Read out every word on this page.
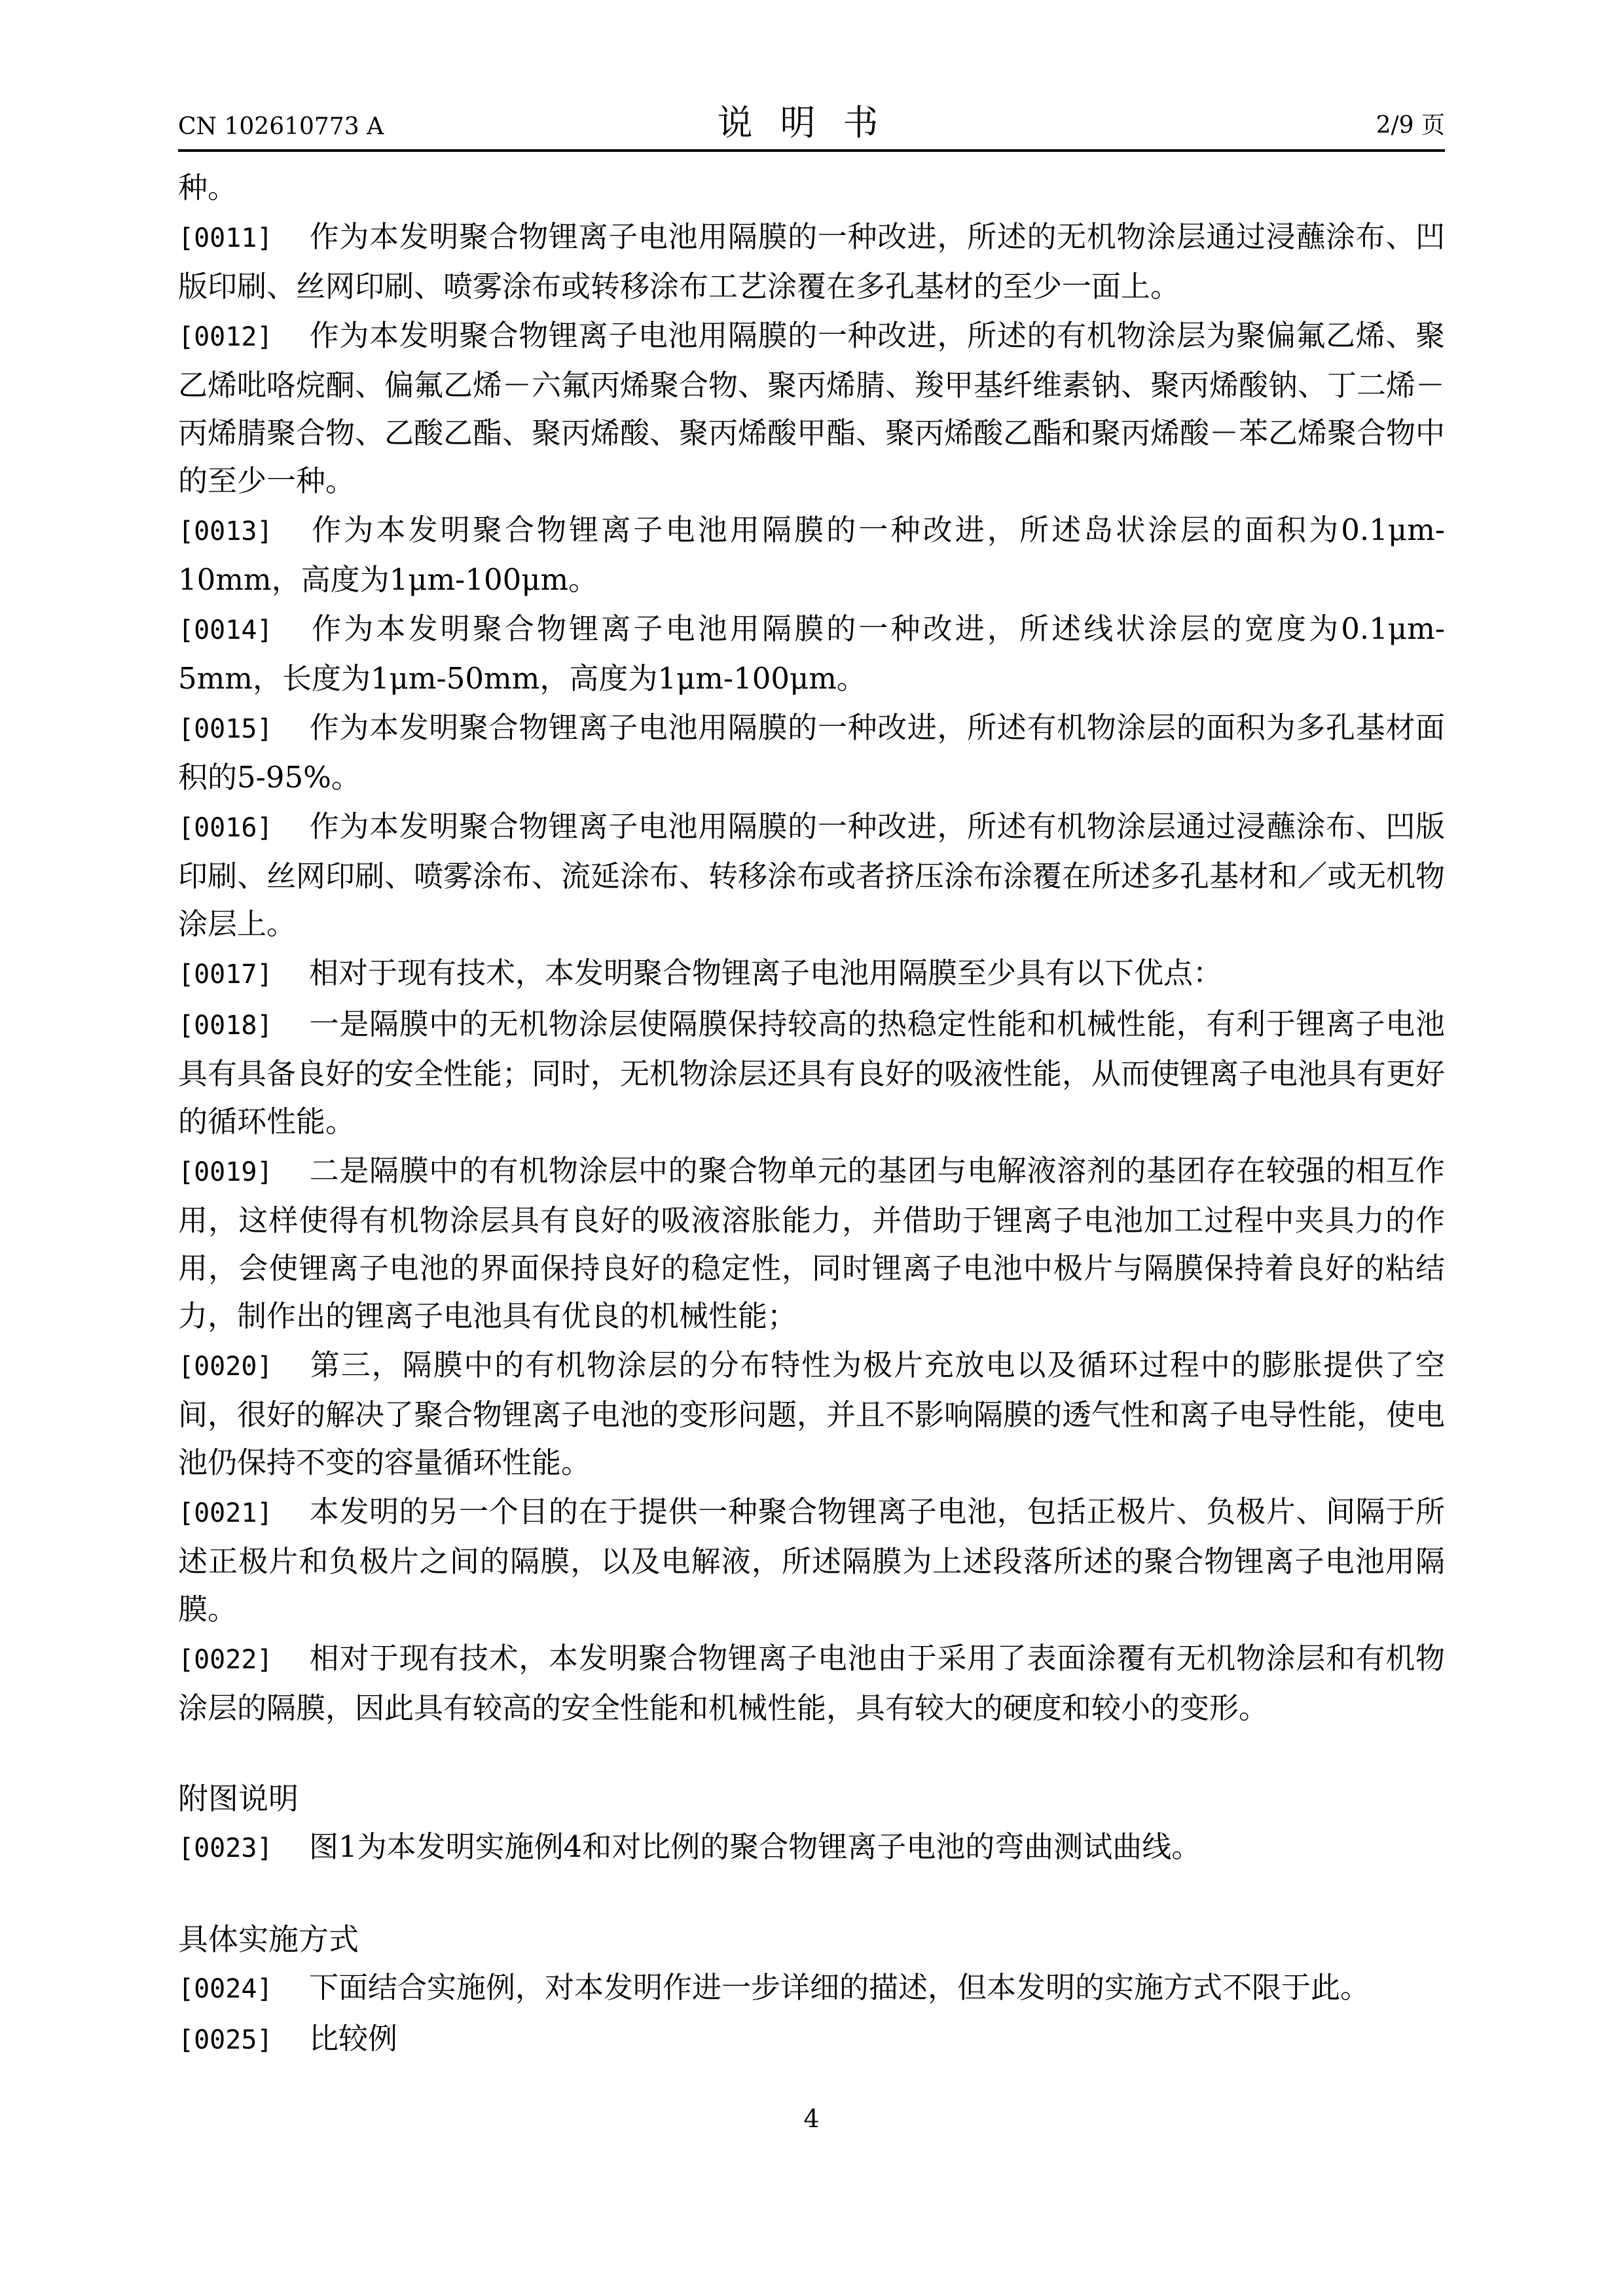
CN 102610773 A	说明书	2/9 页

种。

[0011] 作为本发明聚合物锂离子电池用隔膜的一种改进，所述的无机物涂层通过浸蘸涂布、凹版印刷、丝网印刷、喷雾涂布或转移涂布工艺涂覆在多孔基材的至少一面上。

[0012] 作为本发明聚合物锂离子电池用隔膜的一种改进，所述的有机物涂层为聚偏氟乙烯、聚乙烯吡咯烷酮、偏氟乙烯－六氟丙烯聚合物、聚丙烯腈、羧甲基纤维素钠、聚丙烯酸钠、丁二烯－丙烯腈聚合物、乙酸乙酯、聚丙烯酸、聚丙烯酸甲酯、聚丙烯酸乙酯和聚丙烯酸－苯乙烯聚合物中的至少一种。

[0013] 作为本发明聚合物锂离子电池用隔膜的一种改进，所述岛状涂层的面积为0.1μm-10mm，高度为1μm-100μm。

[0014] 作为本发明聚合物锂离子电池用隔膜的一种改进，所述线状涂层的宽度为0.1μm-5mm，长度为1μm-50mm，高度为1μm-100μm。

[0015] 作为本发明聚合物锂离子电池用隔膜的一种改进，所述有机物涂层的面积为多孔基材面积的5-95%。

[0016] 作为本发明聚合物锂离子电池用隔膜的一种改进，所述有机物涂层通过浸蘸涂布、凹版印刷、丝网印刷、喷雾涂布、流延涂布、转移涂布或者挤压涂布涂覆在所述多孔基材和／或无机物涂层上。

[0017] 相对于现有技术，本发明聚合物锂离子电池用隔膜至少具有以下优点：

[0018] 一是隔膜中的无机物涂层使隔膜保持较高的热稳定性能和机械性能，有利于锂离子电池具有具备良好的安全性能；同时，无机物涂层还具有良好的吸液性能，从而使锂离子电池具有更好的循环性能。

[0019] 二是隔膜中的有机物涂层中的聚合物单元的基团与电解液溶剂的基团存在较强的相互作用，这样使得有机物涂层具有良好的吸液溶胀能力，并借助于锂离子电池加工过程中夹具力的作用，会使锂离子电池的界面保持良好的稳定性，同时锂离子电池中极片与隔膜保持着良好的粘结力，制作出的锂离子电池具有优良的机械性能；

[0020] 第三，隔膜中的有机物涂层的分布特性为极片充放电以及循环过程中的膨胀提供了空间，很好的解决了聚合物锂离子电池的变形问题，并且不影响隔膜的透气性和离子电导性能，使电池仍保持不变的容量循环性能。

[0021] 本发明的另一个目的在于提供一种聚合物锂离子电池，包括正极片、负极片、间隔于所述正极片和负极片之间的隔膜，以及电解液，所述隔膜为上述段落所述的聚合物锂离子电池用隔膜。

[0022] 相对于现有技术，本发明聚合物锂离子电池由于采用了表面涂覆有无机物涂层和有机物涂层的隔膜，因此具有较高的安全性能和机械性能，具有较大的硬度和较小的变形。

附图说明

[0023] 图1为本发明实施例4和对比例的聚合物锂离子电池的弯曲测试曲线。

具体实施方式

[0024] 下面结合实施例，对本发明作进一步详细的描述，但本发明的实施方式不限于此。

[0025] 比较例

4
